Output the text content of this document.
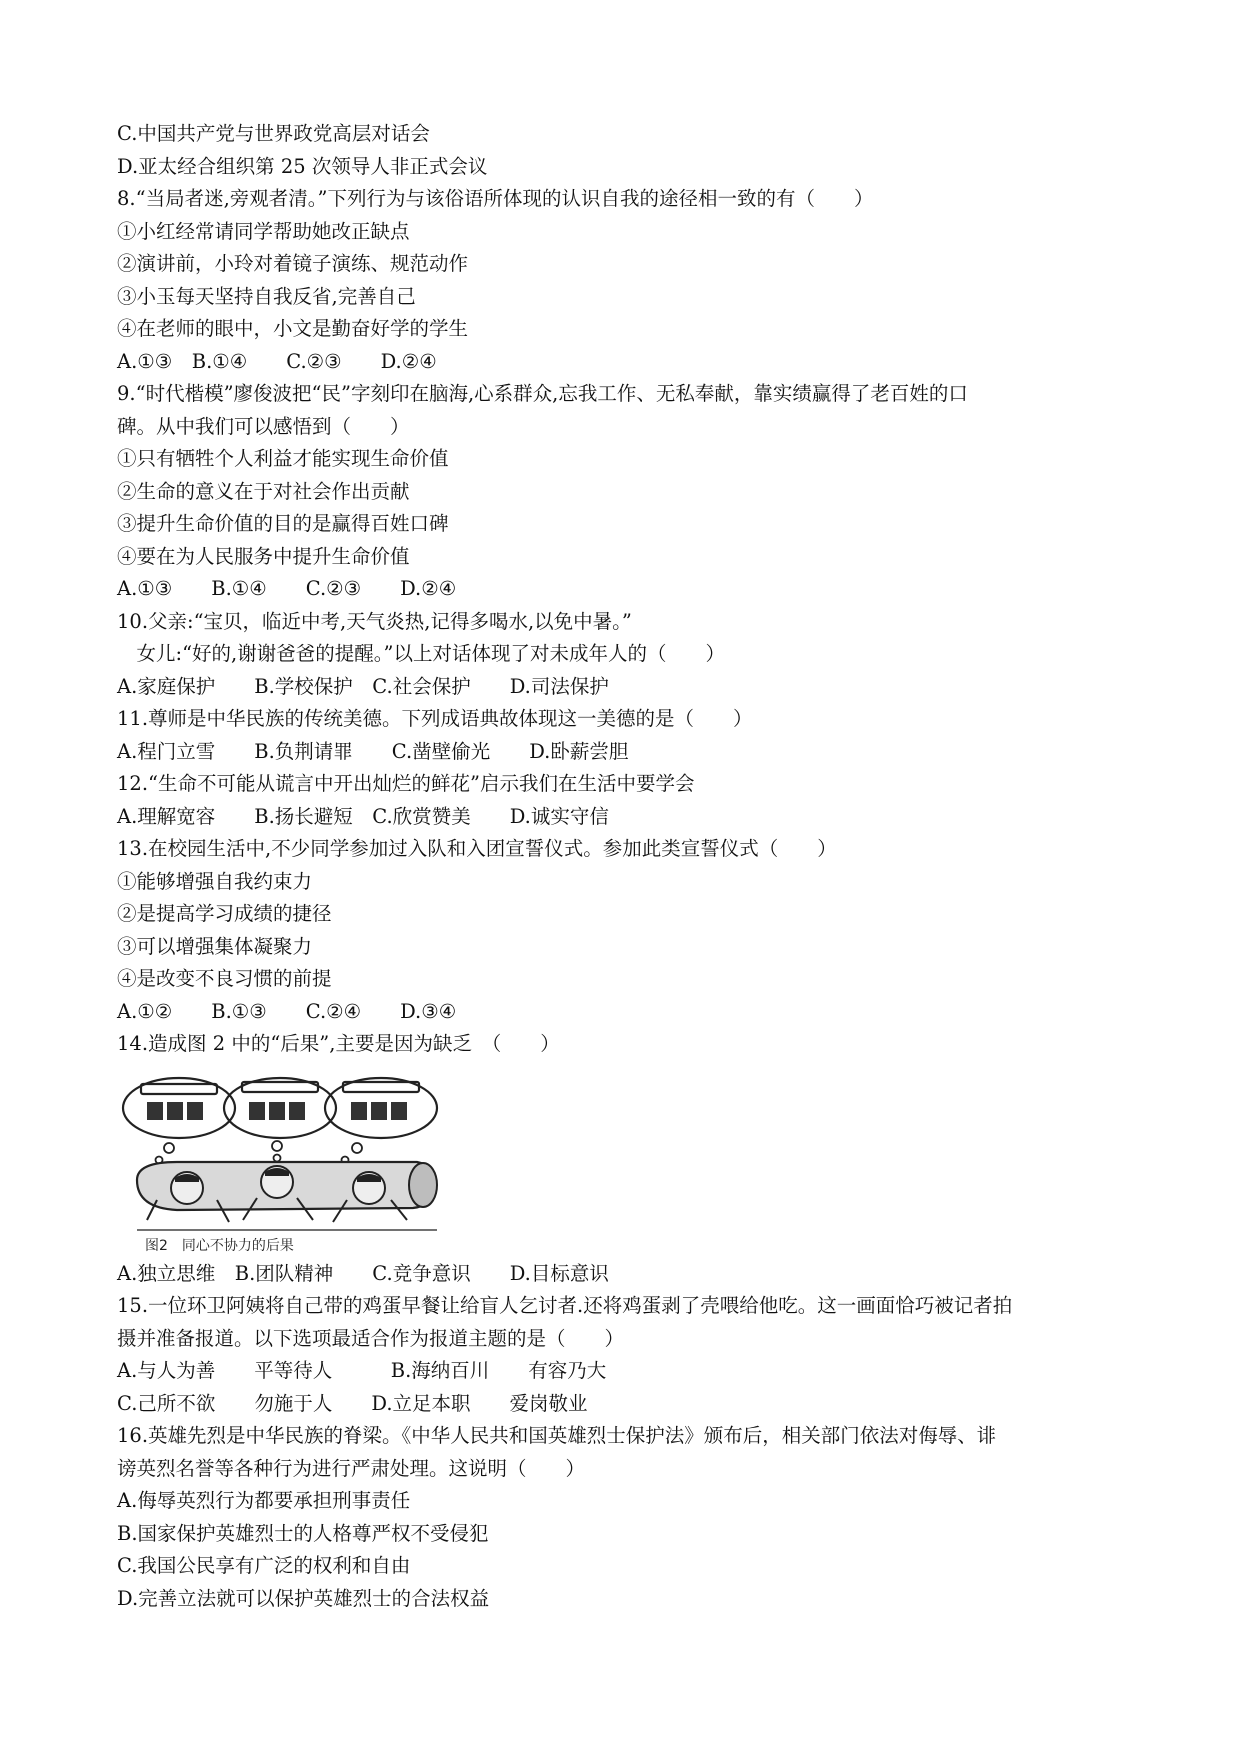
C.中国共产党与世界政党高层对话会
D.亚太经合组织第 25 次领导人非正式会议
8.“当局者迷,旁观者清。”下列行为与该俗语所体现的认识自我的途径相一致的有（　　）
①小红经常请同学帮助她改正缺点
②演讲前，小玲对着镜子演练、规范动作
③小玉每天坚持自我反省,完善自己
④在老师的眼中，小文是勤奋好学的学生
A.①③　B.①④　　C.②③　　D.②④
9.“时代楷模”廖俊波把“民”字刻印在脑海,心系群众,忘我工作、无私奉献，靠实绩赢得了老百姓的口
碑。从中我们可以感悟到（　　）
①只有牺牲个人利益才能实现生命价值
②生命的意义在于对社会作出贡献
③提升生命价值的目的是赢得百姓口碑
④要在为人民服务中提升生命价值
A.①③　　B.①④　　C.②③　　D.②④
10.父亲:“宝贝，临近中考,天气炎热,记得多喝水,以免中暑。”
　女儿:“好的,谢谢爸爸的提醒。”以上对话体现了对未成年人的（　　）
A.家庭保护　　B.学校保护　C.社会保护　　D.司法保护
11.尊师是中华民族的传统美德。下列成语典故体现这一美德的是（　　）
A.程门立雪　　B.负荆请罪　　C.凿壁偷光　　D.卧薪尝胆
12.“生命不可能从谎言中开出灿烂的鲜花”启示我们在生活中要学会
A.理解宽容　　B.扬长避短　C.欣赏赞美　　D.诚实守信
13.在校园生活中,不少同学参加过入队和入团宣誓仪式。参加此类宣誓仪式（　　）
①能够增强自我约束力
②是提高学习成绩的捷径
③可以增强集体凝聚力
④是改变不良习惯的前提
A.①②　　B.①③　　C.②④　　D.③④
14.造成图 2 中的“后果”,主要是因为缺乏　（　　）
图2　同心不协力的后果
A.独立思维　B.团队精神　　C.竞争意识　　D.目标意识
15.一位环卫阿姨将自己带的鸡蛋早餐让给盲人乞讨者.还将鸡蛋剥了壳喂给他吃。这一画面恰巧被记者拍
摄并准备报道。以下选项最适合作为报道主题的是（　　）
A.与人为善　　平等待人　　　B.海纳百川　　有容乃大
C.己所不欲　　勿施于人　　D.立足本职　　爱岗敬业
16.英雄先烈是中华民族的脊梁。《中华人民共和国英雄烈士保护法》颁布后，相关部门依法对侮辱、诽
谤英烈名誉等各种行为进行严肃处理。这说明（　　）
A.侮辱英烈行为都要承担刑事责任
B.国家保护英雄烈士的人格尊严权不受侵犯
C.我国公民享有广泛的权利和自由
D.完善立法就可以保护英雄烈士的合法权益
